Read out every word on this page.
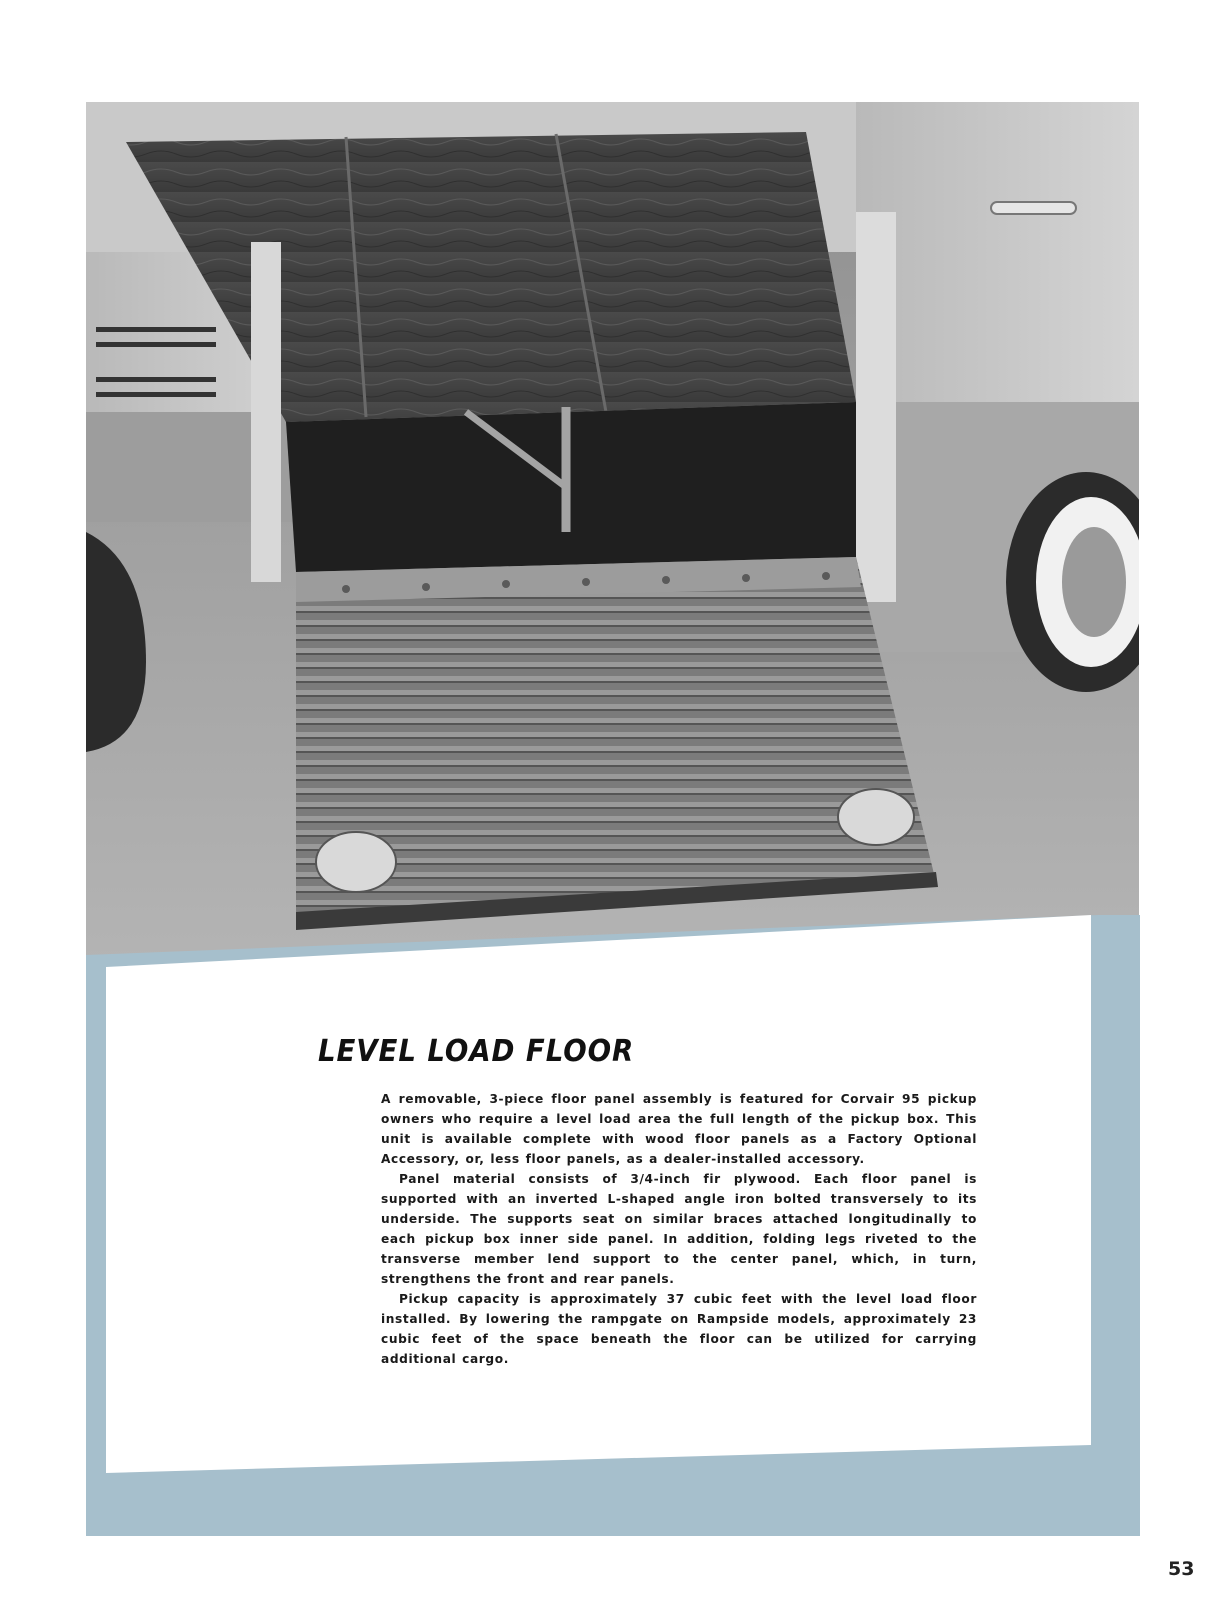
LEVEL LOAD FLOOR

A removable, 3-piece floor panel assembly is featured for Corvair 95 pickup owners who require a level load area the full length of the pickup box. This unit is available complete with wood floor panels as a Factory Optional Accessory, or, less floor panels, as a dealer-installed accessory.

Panel material consists of 3/4-inch fir plywood. Each floor panel is supported with an inverted L-shaped angle iron bolted transversely to its underside. The supports seat on similar braces attached longitudinally to each pickup box inner side panel. In addition, folding legs riveted to the transverse member lend support to the center panel, which, in turn, strengthens the front and rear panels.

Pickup capacity is approximately 37 cubic feet with the level load floor installed. By lowering the rampgate on Rampside models, approximately 23 cubic feet of the space beneath the floor can be utilized for carrying additional cargo.

53
